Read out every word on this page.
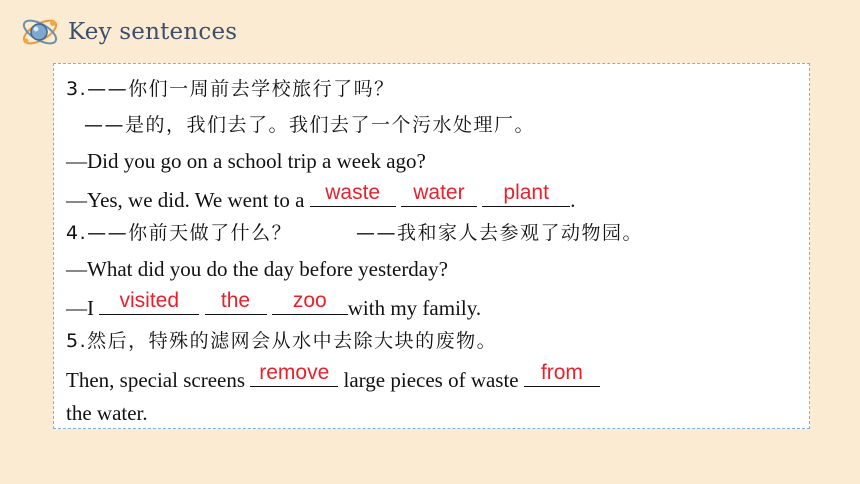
Key sentences
3.——你们一周前去学校旅行了吗？
——是的，我们去了。我们去了一个污水处理厂。
—Did you go on a school trip a week ago?
—Yes, we did. We went to a waste
	water
	plant	.
4.——你前天做了什么？	——我和家人去参观了动物园。
—What did you do the day before yesterday?
—I visited
	the
	zoo	with my family.
5.然后，特殊的滤网会从水中去除大块的废物。
Then, special screens remove large pieces of waste from
the water.
